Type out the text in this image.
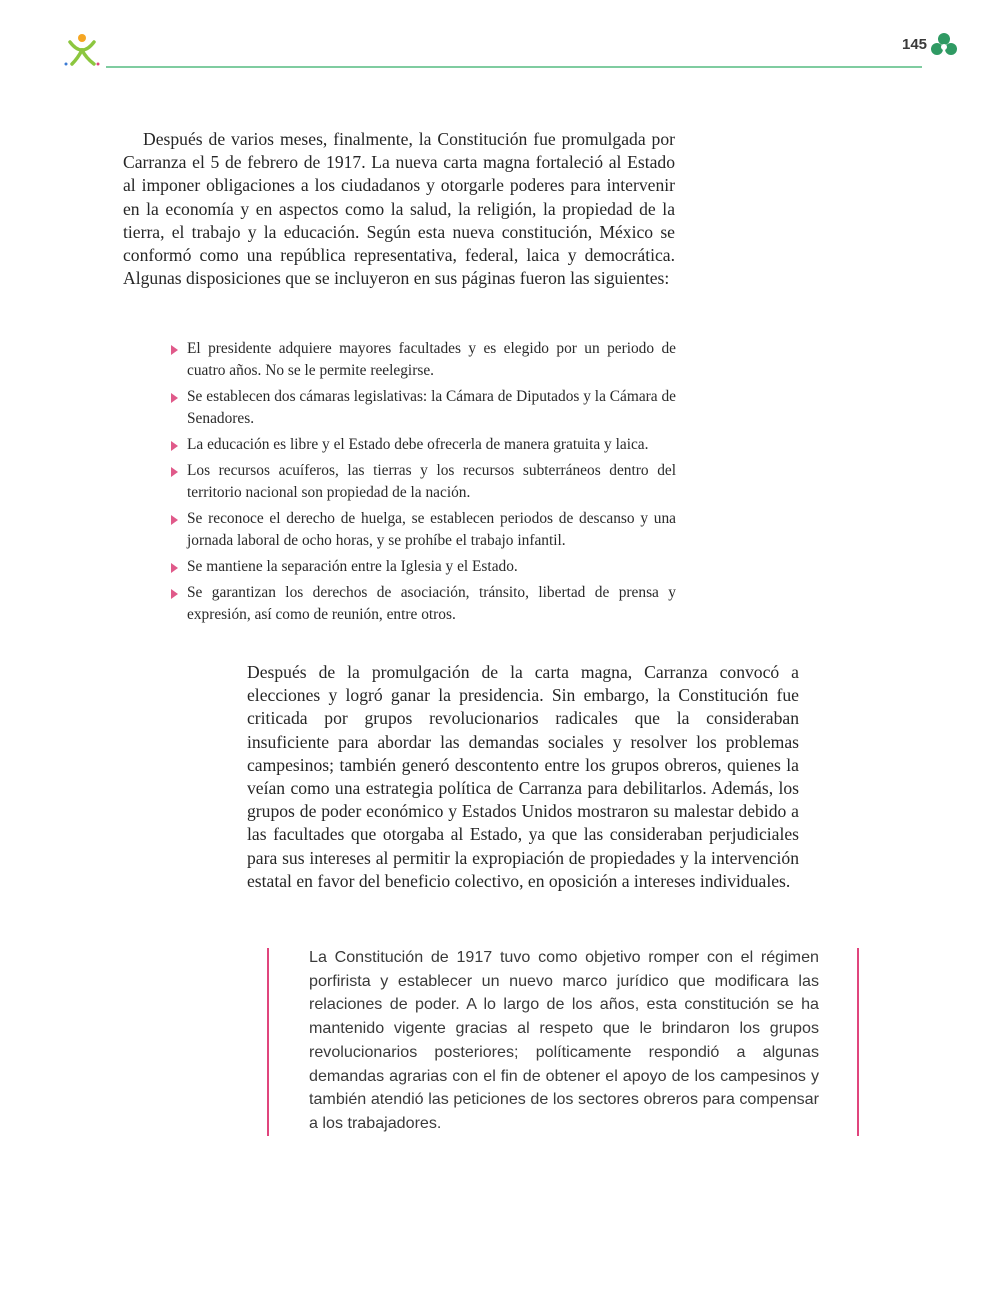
145

Después de varios meses, finalmente, la Constitución fue promulgada por Carranza el 5 de febrero de 1917. La nueva carta magna fortaleció al Estado al imponer obligaciones a los ciudadanos y otorgarle poderes para intervenir en la economía y en aspectos como la salud, la religión, la propiedad de la tierra, el trabajo y la educación. Según esta nueva constitución, México se conformó como una república representativa, federal, laica y democrática. Algunas disposiciones que se incluyeron en sus páginas fueron las siguientes:

El presidente adquiere mayores facultades y es elegido por un periodo de cuatro años. No se le permite reelegirse.
Se establecen dos cámaras legislativas: la Cámara de Diputados y la Cámara de Senadores.
La educación es libre y el Estado debe ofrecerla de manera gratuita y laica.
Los recursos acuíferos, las tierras y los recursos subterráneos dentro del territorio nacional son propiedad de la nación.
Se reconoce el derecho de huelga, se establecen periodos de descanso y una jornada laboral de ocho horas, y se prohíbe el trabajo infantil.
Se mantiene la separación entre la Iglesia y el Estado.
Se garantizan los derechos de asociación, tránsito, libertad de prensa y expresión, así como de reunión, entre otros.

Después de la promulgación de la carta magna, Carranza convocó a elecciones y logró ganar la presidencia. Sin embargo, la Constitución fue criticada por grupos revolucionarios radicales que la consideraban insuficiente para abordar las demandas sociales y resolver los problemas campesinos; también generó descontento entre los grupos obreros, quienes la veían como una estrategia política de Carranza para debilitarlos. Además, los grupos de poder económico y Estados Unidos mostraron su malestar debido a las facultades que otorgaba al Estado, ya que las consideraban perjudiciales para sus intereses al permitir la expropiación de propiedades y la intervención estatal en favor del beneficio colectivo, en oposición a intereses individuales.

La Constitución de 1917 tuvo como objetivo romper con el régimen porfirista y establecer un nuevo marco jurídico que modificara las relaciones de poder. A lo largo de los años, esta constitución se ha mantenido vigente gracias al respeto que le brindaron los grupos revolucionarios posteriores; políticamente respondió a algunas demandas agrarias con el fin de obtener el apoyo de los campesinos y también atendió las peticiones de los sectores obreros para compensar a los trabajadores.
